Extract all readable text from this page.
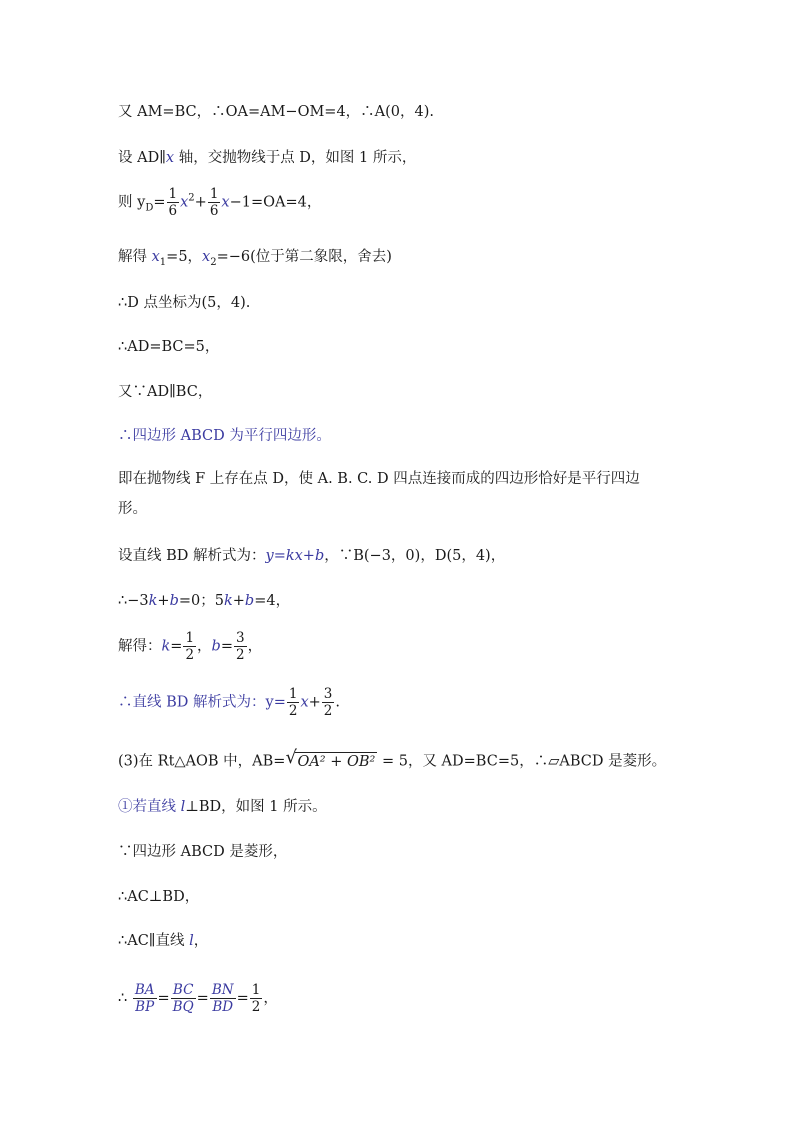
又 AM=BC，∴OA=AM−OM=4，∴A(0，4).
设 AD∥x 轴，交抛物线于点 D，如图 1 所示，
则 $y_D= \frac{1}{6} x^2+ \frac{1}{6} x-1=OA=4$，
解得 $x_1=5$，$x_2=-6$(位于第二象限，舍去)
∴D 点坐标为(5，4).
∴AD=BC=5，
又∵AD∥BC，
∴四边形 ABCD 为平行四边形。
即在抛物线 F 上存在点 D，使 A. B. C. D 四点连接而成的四边形恰好是平行四边
形。
设直线 BD 解析式为：y=kx+b，∵B(−3，0)，D(5，4)，
∴−3k+b=0；5k+b=4，
解得：$k= \frac{1}{2}$ ，$b= \frac{3}{2}$ ，
∴直线 BD 解析式为：$y= \frac{1}{2} x+ \frac{3}{2}$ .
(3)在 Rt△AOB 中，AB= √ OA² + OB² = 5，又 AD=BC=5，∴▱ABCD 是菱形。
①若直线 l⊥BD，如图 1 所示。
∵四边形 ABCD 是菱形，
∴AC⊥BD，
∴AC∥直线 l，
∴ $\frac{BA}{BP} = \frac{BC}{BQ} = \frac{BN}{BD} = \frac{1}{2}$ ，
